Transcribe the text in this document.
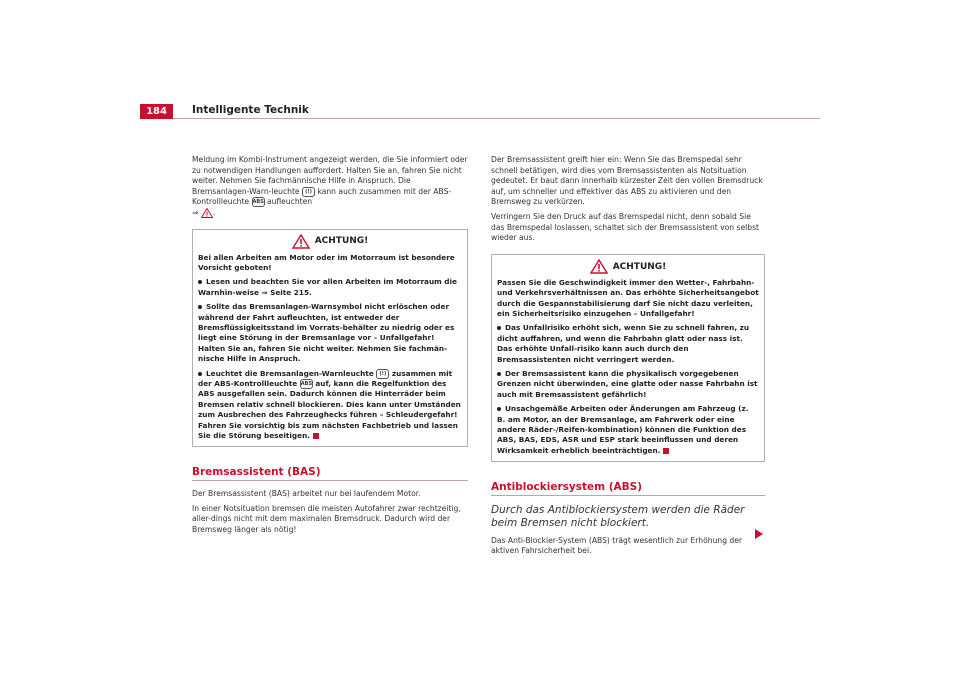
184	Intelligente Technik

Meldung im Kombi-Instrument angezeigt werden, die Sie informiert oder zu notwendigen Handlungen auffordert. Halten Sie an, fahren Sie nicht weiter. Nehmen Sie fachmännische Hilfe in Anspruch. Die Bremsanlagen-Warn-leuchte (!) kann auch zusammen mit der ABS-Kontrollleuchte ABS aufleuchten
⇒ .

ACHTUNG!

Bei allen Arbeiten am Motor oder im Motorraum ist besondere Vorsicht geboten!

Lesen und beachten Sie vor allen Arbeiten im Motorraum die Warnhin-weise ⇒ Seite 215.

Sollte das Bremsanlagen-Warnsymbol nicht erlöschen oder während der Fahrt aufleuchten, ist entweder der Bremsflüssigkeitsstand im Vorrats-behälter zu niedrig oder es liegt eine Störung in der Bremsanlage vor – Unfallgefahr! Halten Sie an, fahren Sie nicht weiter. Nehmen Sie fachmän-nische Hilfe in Anspruch.

Leuchtet die Bremsanlagen-Warnleuchte (!) zusammen mit der ABS-Kontrollleuchte ABS auf, kann die Regelfunktion des ABS ausgefallen sein. Dadurch können die Hinterräder beim Bremsen relativ schnell blockieren. Dies kann unter Umständen zum Ausbrechen des Fahrzeughecks führen – Schleudergefahr! Fahren Sie vorsichtig bis zum nächsten Fachbetrieb und lassen Sie die Störung beseitigen.

Bremsassistent (BAS)

Der Bremsassistent (BAS) arbeitet nur bei laufendem Motor.

In einer Notsituation bremsen die meisten Autofahrer zwar rechtzeitig, aller-dings nicht mit dem maximalen Bremsdruck. Dadurch wird der Bremsweg länger als nötig!

Der Bremsassistent greift hier ein: Wenn Sie das Bremspedal sehr schnell betätigen, wird dies vom Bremsassistenten als Notsituation gedeutet. Er baut dann innerhalb kürzester Zeit den vollen Bremsdruck auf, um schneller und effektiver das ABS zu aktivieren und den Bremsweg zu verkürzen.

Verringern Sie den Druck auf das Bremspedal nicht, denn sobald Sie das Bremspedal loslassen, schaltet sich der Bremsassistent von selbst wieder aus.

ACHTUNG!

Passen Sie die Geschwindigkeit immer den Wetter-, Fahrbahn- und Verkehrsverhältnissen an. Das erhöhte Sicherheitsangebot durch die Gespannstabilisierung darf Sie nicht dazu verleiten, ein Sicherheitsrisiko einzugehen – Unfallgefahr!

Das Unfallrisiko erhöht sich, wenn Sie zu schnell fahren, zu dicht auffahren, und wenn die Fahrbahn glatt oder nass ist. Das erhöhte Unfall-risiko kann auch durch den Bremsassistenten nicht verringert werden.

Der Bremsassistent kann die physikalisch vorgegebenen Grenzen nicht überwinden, eine glatte oder nasse Fahrbahn ist auch mit Bremsassistent gefährlich!

Unsachgemäße Arbeiten oder Änderungen am Fahrzeug (z. B. am Motor, an der Bremsanlage, am Fahrwerk oder eine andere Räder-/Reifen-kombination) können die Funktion des ABS, BAS, EDS, ASR und ESP stark beeinflussen und deren Wirksamkeit erheblich beeinträchtigen.

Antiblockiersystem (ABS)
Durch das Antiblockiersystem werden die Räder beim Bremsen nicht blockiert.

Das Anti-Blockier-System (ABS) trägt wesentlich zur Erhöhung der aktiven Fahrsicherheit bei.
